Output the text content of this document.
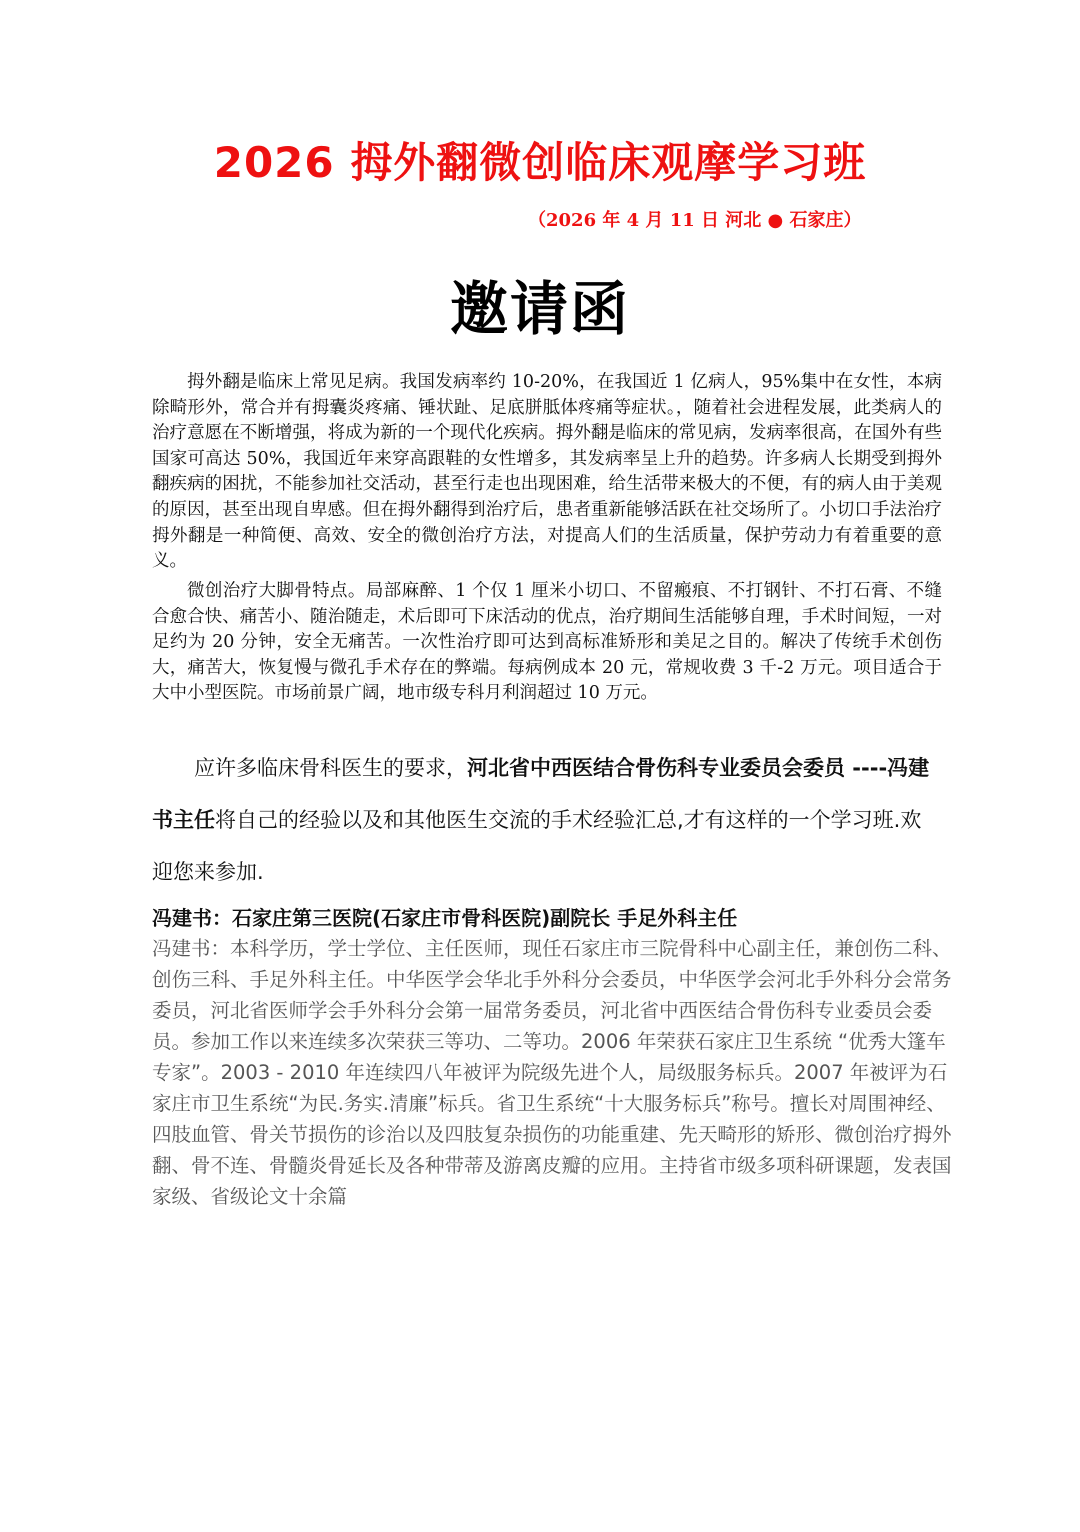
2026 拇外翻微创临床观摩学习班
（2026 年 4 月 11 日 河北 ● 石家庄）
邀请函

拇外翻是临床上常见足病。我国发病率约 10-20%，在我国近 1 亿病人，95%集中在女性，本病除畸形外，常合并有拇囊炎疼痛、锤状趾、足底胼胝体疼痛等症状。，随着社会进程发展，此类病人的治疗意愿在不断增强，将成为新的一个现代化疾病。拇外翻是临床的常见病，发病率很高，在国外有些国家可高达 50%，我国近年来穿高跟鞋的女性增多，其发病率呈上升的趋势。许多病人长期受到拇外翻疾病的困扰，不能参加社交活动，甚至行走也出现困难，给生活带来极大的不便，有的病人由于美观的原因，甚至出现自卑感。但在拇外翻得到治疗后，患者重新能够活跃在社交场所了。小切口手法治疗拇外翻是一种简便、高效、安全的微创治疗方法，对提高人们的生活质量，保护劳动力有着重要的意义。

微创治疗大脚骨特点。局部麻醉、1 个仅 1 厘米小切口、不留瘢痕、不打钢针、不打石膏、不缝合愈合快、痛苦小、随治随走，术后即可下床活动的优点，治疗期间生活能够自理，手术时间短，一对足约为 20 分钟，安全无痛苦。一次性治疗即可达到高标准矫形和美足之目的。解决了传统手术创伤大，痛苦大，恢复慢与微孔手术存在的弊端。每病例成本 20 元，常规收费 3 千-2 万元。项目适合于大中小型医院。市场前景广阔，地市级专科月利润超过 10 万元。

应许多临床骨科医生的要求，河北省中西医结合骨伤科专业委员会委员 ----冯建书主任将自己的经验以及和其他医生交流的手术经验汇总,才有这样的一个学习班.欢迎您来参加.

冯建书：石家庄第三医院(石家庄市骨科医院)副院长 手足外科主任

冯建书：本科学历，学士学位、主任医师，现任石家庄市三院骨科中心副主任，兼创伤二科、创伤三科、手足外科主任。中华医学会华北手外科分会委员，中华医学会河北手外科分会常务委员，河北省医师学会手外科分会第一届常务委员，河北省中西医结合骨伤科专业委员会委员。参加工作以来连续多次荣获三等功、二等功。2006 年荣获石家庄卫生系统 “优秀大篷车专家”。2003 - 2010 年连续四八年被评为院级先进个人，局级服务标兵。2007 年被评为石家庄市卫生系统“为民.务实.清廉”标兵。省卫生系统“十大服务标兵”称号。擅长对周围神经、四肢血管、骨关节损伤的诊治以及四肢复杂损伤的功能重建、先天畸形的矫形、微创治疗拇外翻、骨不连、骨髓炎骨延长及各种带蒂及游离皮瓣的应用。主持省市级多项科研课题，发表国家级、省级论文十余篇
